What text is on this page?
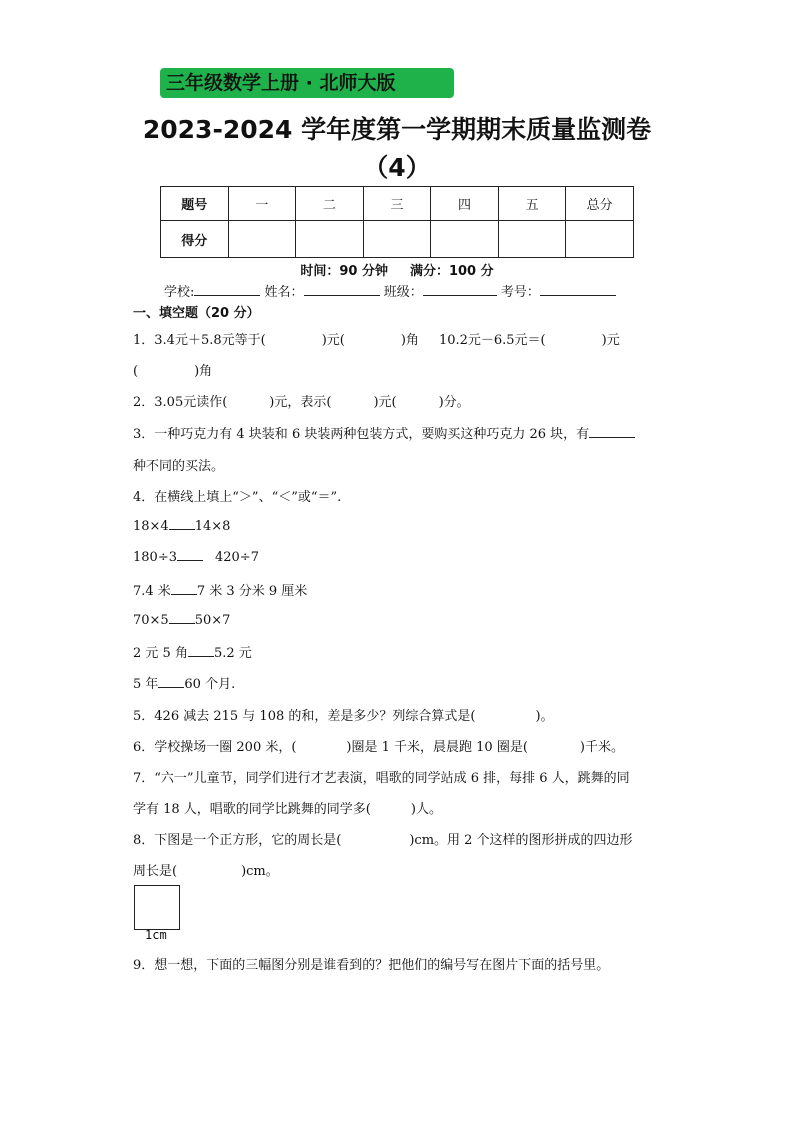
三年级数学上册 · 北师大版
2023-2024 学年度第一学期期末质量监测卷
（4）
题号	一	二	三	四	五	总分
得分						
时间：90 分钟 满分：100 分
学校:	姓名：	班级：	考号：
一、填空题（20 分）
1．3.4元＋5.8元等于(	)元(	)角 10.2元－6.5元＝(	)元
(	)角
2．3.05元读作(	)元，表示(	)元(	)分。
3．一种巧克力有 4 块装和 6 块装两种包装方式，要购买这种巧克力 26 块，有
种不同的买法。
4．在横线上填上“＞”、“＜”或“＝”.
18×4 14×8
180÷3	420÷7
7.4 米 7 米 3 分米 9 厘米
70×5 50×7
2 元 5 角 5.2 元
5 年 60 个月.
5．426 减去 215 与 108 的和，差是多少？列综合算式是(	)。
6．学校操场一圈 200 米，(	)圈是 1 千米，晨晨跑 10 圈是(	)千米。
7．“六一”儿童节，同学们进行才艺表演，唱歌的同学站成 6 排，每排 6 人，跳舞的同
学有 18 人，唱歌的同学比跳舞的同学多(	)人。
8．下图是一个正方形，它的周长是(	)cm。用 2 个这样的图形拼成的四边形
周长是(	)cm。
1cm
9．想一想，下面的三幅图分别是谁看到的？把他们的编号写在图片下面的括号里。
